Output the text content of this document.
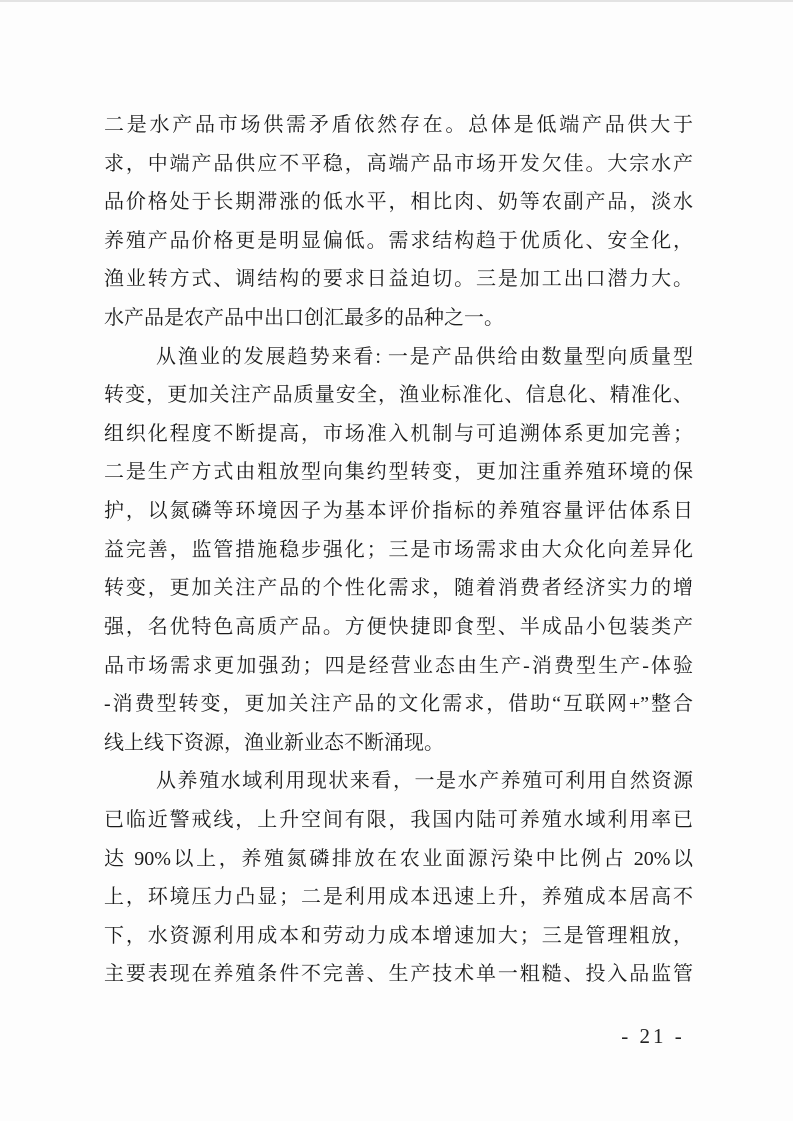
二是水产品市场供需矛盾依然存在。总体是低端产品供大于
求，中端产品供应不平稳，高端产品市场开发欠佳。大宗水产
品价格处于长期滞涨的低水平，相比肉、奶等农副产品，淡水
养殖产品价格更是明显偏低。需求结构趋于优质化、安全化，
渔业转方式、调结构的要求日益迫切。三是加工出口潜力大。
水产品是农产品中出口创汇最多的品种之一。
从渔业的发展趋势来看: 一是产品供给由数量型向质量型
转变，更加关注产品质量安全，渔业标准化、信息化、精准化、
组织化程度不断提高，市场准入机制与可追溯体系更加完善；
二是生产方式由粗放型向集约型转变，更加注重养殖环境的保
护，以氮磷等环境因子为基本评价指标的养殖容量评估体系日
益完善，监管措施稳步强化；三是市场需求由大众化向差异化
转变，更加关注产品的个性化需求，随着消费者经济实力的增
强，名优特色高质产品。方便快捷即食型、半成品小包装类产
品市场需求更加强劲；四是经营业态由生产-消费型生产-体验
-消费型转变，更加关注产品的文化需求，借助“互联网+”整合
线上线下资源，渔业新业态不断涌现。
从养殖水域利用现状来看，一是水产养殖可利用自然资源
已临近警戒线，上升空间有限，我国内陆可养殖水域利用率已
达 90%以上，养殖氮磷排放在农业面源污染中比例占 20%以
上，环境压力凸显；二是利用成本迅速上升，养殖成本居高不
下，水资源利用成本和劳动力成本增速加大；三是管理粗放，
主要表现在养殖条件不完善、生产技术单一粗糙、投入品监管
- 21 -
